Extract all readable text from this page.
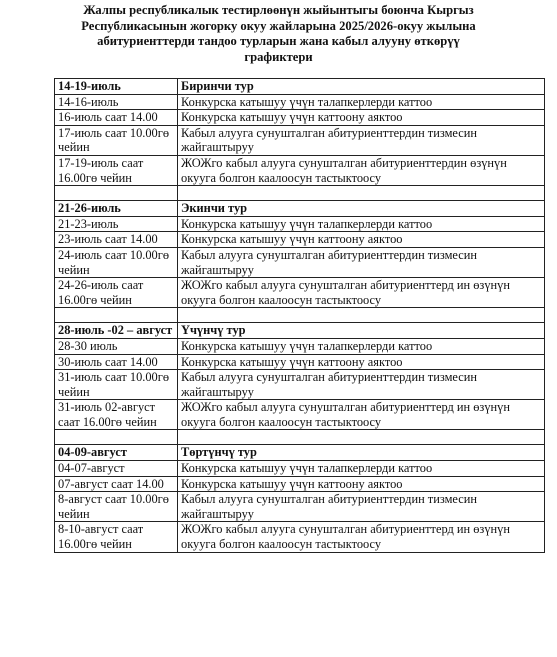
Жалпы республикалык тестирлөөнүн жыйынтыгы боюнча Кыргыз
Республикасынын жогорку окуу жайларына 2025/2026-окуу жылына
абитуриенттерди тандоо турларын жана кабыл алууну өткөрүү
графиктери
14-19-июль	Биринчи тур
14-16-июль	Конкурска катышуу үчүн талапкерлерди каттоо
16-июль саат 14.00	Конкурска катышуу үчүн каттоону аяктоо
17-июль саат 10.00гө чейин	Кабыл алууга сунушталган абитуриенттердин тизмесин жайгаштыруу
17-19-июль саат 16.00гө чейин	ЖОЖго кабыл алууга сунушталган абитуриенттердин өзүнүн окууга болгон каалоосун тастыктоосу

21-26-июль	Экинчи тур
21-23-июль	Конкурска катышуу үчүн талапкерлерди каттоо
23-июль саат 14.00	Конкурска катышуу үчүн каттоону аяктоо
24-июль саат 10.00гө чейин	Кабыл алууга сунушталган абитуриенттердин тизмесин жайгаштыруу
24-26-июль саат 16.00гө чейин	ЖОЖго кабыл алууга сунушталган абитуриенттерд ин өзүнүн окууга болгон каалоосун тастыктоосу

28-июль -02 – август	Үчүнчү тур
28-30 июль	Конкурска катышуу үчүн талапкерлерди каттоо
30-июль саат 14.00	Конкурска катышуу үчүн каттоону аяктоо
31-июль саат 10.00гө чейин	Кабыл алууга сунушталган абитуриенттердин тизмесин жайгаштыруу
31-июль 02-август саат 16.00гө чейин	ЖОЖго кабыл алууга сунушталган абитуриенттерд ин өзүнүн окууга болгон каалоосун тастыктоосу

04-09-август	Төртүнчү тур
04-07-август	Конкурска катышуу үчүн талапкерлерди каттоо
07-август саат 14.00	Конкурска катышуу үчүн каттоону аяктоо
8-август саат 10.00гө чейин	Кабыл алууга сунушталган абитуриенттердин тизмесин жайгаштыруу
8-10-август саат 16.00гө чейин	ЖОЖго кабыл алууга сунушталган абитуриенттерд ин өзүнүн окууга болгон каалоосун тастыктоосу
